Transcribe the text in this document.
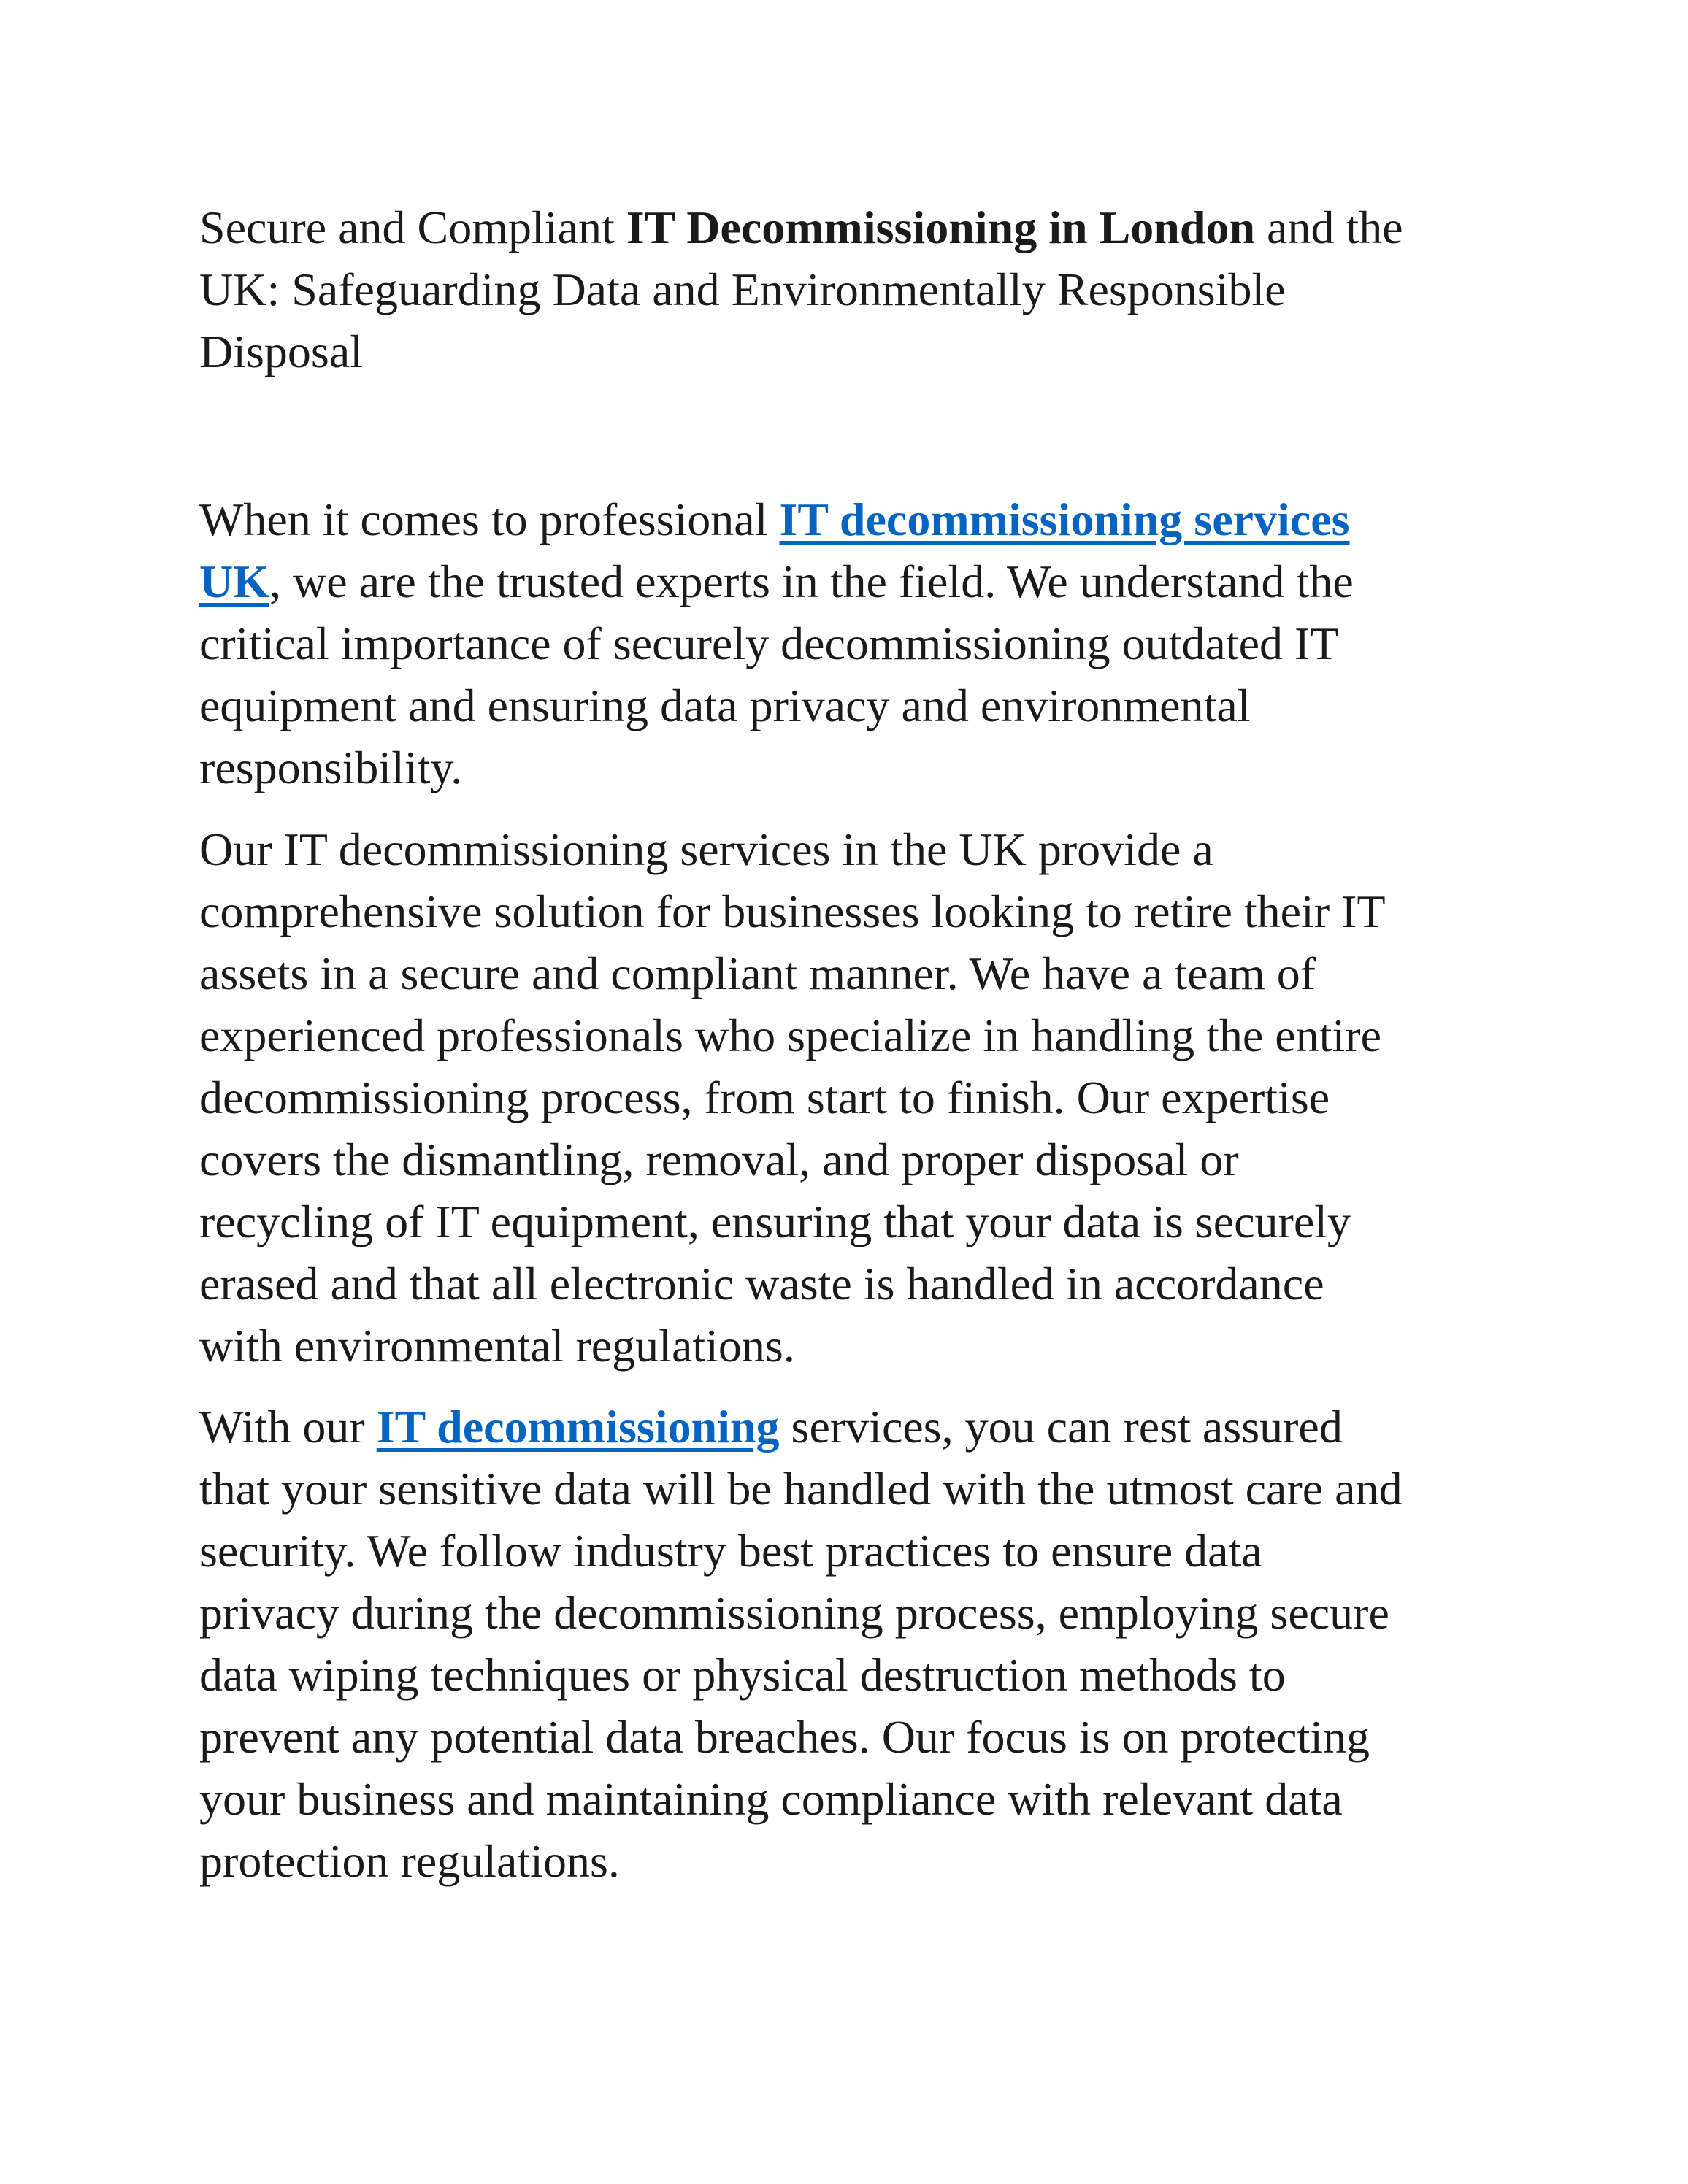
Secure and Compliant IT Decommissioning in London and the
UK: Safeguarding Data and Environmentally Responsible
Disposal
When it comes to professional IT decommissioning services
UK, we are the trusted experts in the field. We understand the
critical importance of securely decommissioning outdated IT
equipment and ensuring data privacy and environmental
responsibility.
Our IT decommissioning services in the UK provide a
comprehensive solution for businesses looking to retire their IT
assets in a secure and compliant manner. We have a team of
experienced professionals who specialize in handling the entire
decommissioning process, from start to finish. Our expertise
covers the dismantling, removal, and proper disposal or
recycling of IT equipment, ensuring that your data is securely
erased and that all electronic waste is handled in accordance
with environmental regulations.
With our IT decommissioning services, you can rest assured
that your sensitive data will be handled with the utmost care and
security. We follow industry best practices to ensure data
privacy during the decommissioning process, employing secure
data wiping techniques or physical destruction methods to
prevent any potential data breaches. Our focus is on protecting
your business and maintaining compliance with relevant data
protection regulations.
